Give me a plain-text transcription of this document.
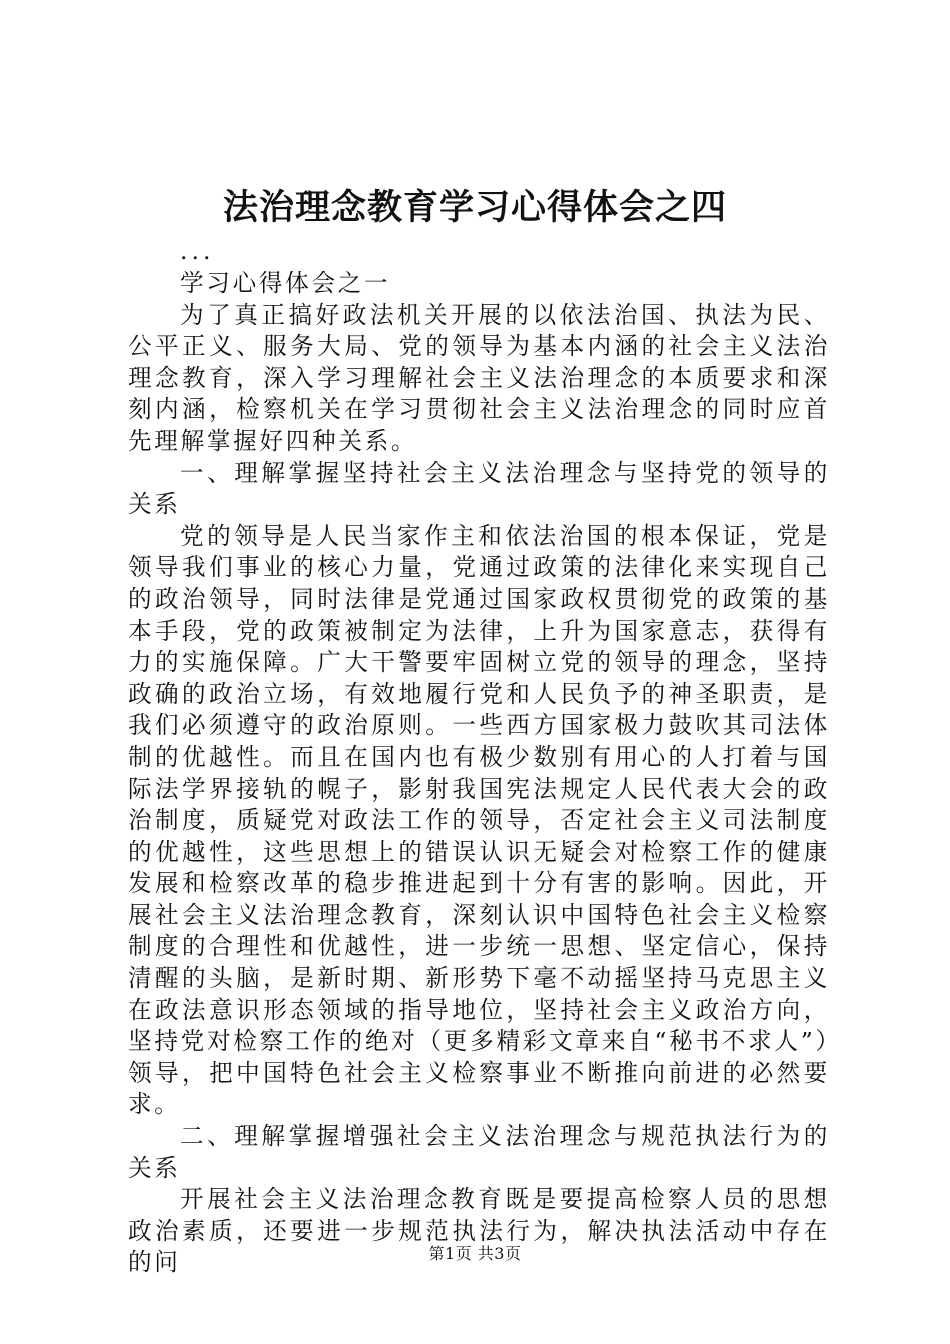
法治理念教育学习心得体会之四

...

学习心得体会之一

为了真正搞好政法机关开展的以依法治国、执法为民、公平正义、服务大局、党的领导为基本内涵的社会主义法治理念教育，深入学习理解社会主义法治理念的本质要求和深刻内涵，检察机关在学习贯彻社会主义法治理念的同时应首先理解掌握好四种关系。

一、理解掌握坚持社会主义法治理念与坚持党的领导的关系

党的领导是人民当家作主和依法治国的根本保证，党是领导我们事业的核心力量，党通过政策的法律化来实现自己的政治领导，同时法律是党通过国家政权贯彻党的政策的基本手段，党的政策被制定为法律，上升为国家意志，获得有力的实施保障。广大干警要牢固树立党的领导的理念，坚持政确的政治立场，有效地履行党和人民负予的神圣职责，是我们必须遵守的政治原则。一些西方国家极力鼓吹其司法体制的优越性。而且在国内也有极少数别有用心的人打着与国际法学界接轨的幌子，影射我国宪法规定人民代表大会的政治制度，质疑党对政法工作的领导，否定社会主义司法制度的优越性，这些思想上的错误认识无疑会对检察工作的健康发展和检察改革的稳步推进起到十分有害的影响。因此，开展社会主义法治理念教育，深刻认识中国特色社会主义检察制度的合理性和优越性，进一步统一思想、坚定信心，保持清醒的头脑，是新时期、新形势下毫不动摇坚持马克思主义在政法意识形态领域的指导地位，坚持社会主义政治方向，坚持党对检察工作的绝对（更多精彩文章来自“秘书不求人”）领导，把中国特色社会主义检察事业不断推向前进的必然要求。

二、理解掌握增强社会主义法治理念与规范执法行为的关系

开展社会主义法治理念教育既是要提高检察人员的思想政治素质，还要进一步规范执法行为，解决执法活动中存在的问	第1页 共3页
